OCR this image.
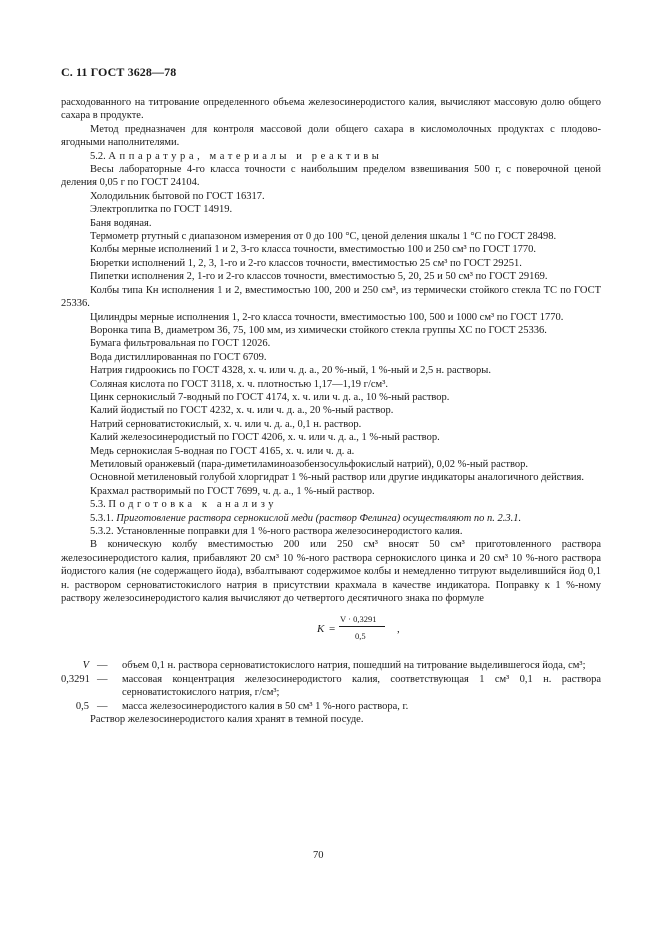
С. 11 ГОСТ 3628—78

расходованного на титрование определенного объема железосинеродистого калия, вычисляют массовую долю общего сахара в продукте.

Метод предназначен для контроля массовой доли общего сахара в кисломолочных продуктах с плодово-ягодными наполнителями.

5.2. Аппаратура, материалы и реактивы

Весы лабораторные 4-го класса точности с наибольшим пределом взвешивания 500 г, с поверочной ценой деления 0,05 г по ГОСТ 24104.

Холодильник бытовой по ГОСТ 16317.

Электроплитка по ГОСТ 14919.

Баня водяная.

Термометр ртутный с диапазоном измерения от 0 до 100 °С, ценой деления шкалы 1 °С по ГОСТ 28498.

Колбы мерные исполнений 1 и 2, 3-го класса точности, вместимостью 100 и 250 см³ по ГОСТ 1770.

Бюретки исполнений 1, 2, 3, 1-го и 2-го классов точности, вместимостью 25 см³ по ГОСТ 29251.

Пипетки исполнения 2, 1-го и 2-го классов точности, вместимостью 5, 20, 25 и 50 см³ по ГОСТ 29169.

Колбы типа Кн исполнения 1 и 2, вместимостью 100, 200 и 250 см³, из термически стойкого стекла ТС по ГОСТ 25336.

Цилиндры мерные исполнения 1, 2-го класса точности, вместимостью 100, 500 и 1000 см³ по ГОСТ 1770.

Воронка типа В, диаметром 36, 75, 100 мм, из химически стойкого стекла группы ХС по ГОСТ 25336.

Бумага фильтровальная по ГОСТ 12026.

Вода дистиллированная по ГОСТ 6709.

Натрия гидроокись по ГОСТ 4328, х. ч. или ч. д. а., 20 %-ный, 1 %-ный и 2,5 н. растворы.

Соляная кислота по ГОСТ 3118, х. ч. плотностью 1,17—1,19 г/см³.

Цинк сернокислый 7-водный по ГОСТ 4174, х. ч. или ч. д. а., 10 %-ный раствор.

Калий йодистый по ГОСТ 4232, х. ч. или ч. д. а., 20 %-ный раствор.

Натрий серноватистокислый, х. ч. или ч. д. а., 0,1 н. раствор.

Калий железосинеродистый по ГОСТ 4206, х. ч. или ч. д. а., 1 %-ный раствор.

Медь сернокислая 5-водная по ГОСТ 4165, х. ч. или ч. д. а.

Метиловый оранжевый (пара-диметиламиноазобензосульфокислый натрий), 0,02 %-ный раствор.

Основной метиленовый голубой хлоргидрат 1 %-ный раствор или другие индикаторы аналогичного действия.

Крахмал растворимый по ГОСТ 7699, ч. д. а., 1 %-ный раствор.

5.3. Подготовка к анализу

5.3.1. Приготовление раствора сернокислой меди (раствор Фелинга) осуществляют по п. 2.3.1.

5.3.2. Установленные поправки для 1 %-ного раствора железосинеродистого калия.

В коническую колбу вместимостью 200 или 250 см³ вносят 50 см³ приготовленного раствора железосинеродистого калия, прибавляют 20 см³ 10 %-ного раствора сернокислого цинка и 20 см³ 10 %-ного раствора йодистого калия (не содержащего йода), взбалтывают содержимое колбы и немедленно титруют выделившийся йод 0,1 н. раствором серноватистокислого натрия в присутствии крахмала в качестве индикатора. Поправку к 1 %-ному раствору железосинеродистого калия вычисляют до четвертого десятичного знака по формуле

K =
V · 0,3291
0,5
,
V — объем 0,1 н. раствора серноватистокислого натрия, пошедший на титрование выделившегося йода, см³;
0,3291 — массовая концентрация железосинеродистого калия, соответствующая 1 см³ 0,1 н. раствора серноватистокислого натрия, г/см³;
0,5 — масса железосинеродистого калия в 50 см³ 1 %-ного раствора, г.

Раствор железосинеродистого калия хранят в темной посуде.

70
